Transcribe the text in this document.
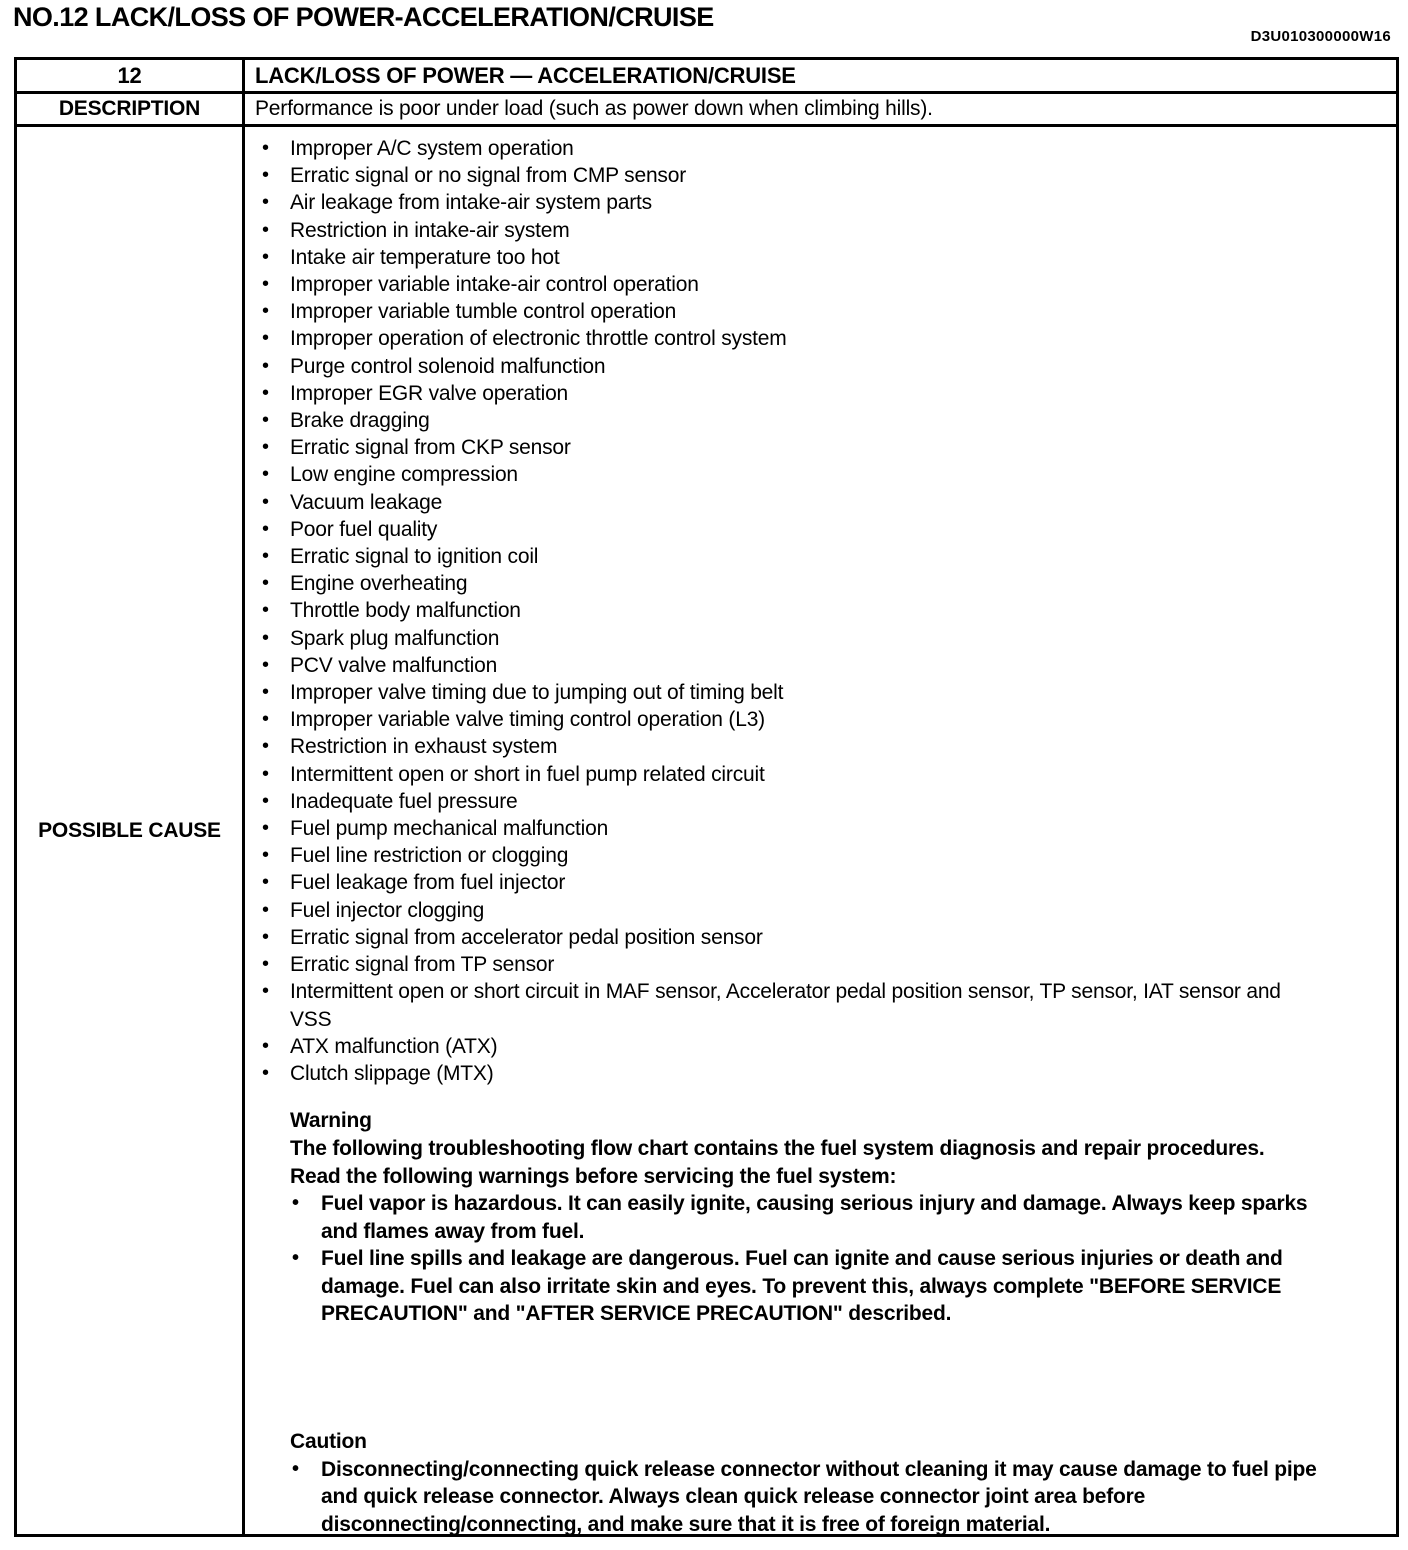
NO.12 LACK/LOSS OF POWER-ACCELERATION/CRUISE
D3U010300000W16
12	LACK/LOSS OF POWER — ACCELERATION/CRUISE
DESCRIPTION	Performance is poor under load (such as power down when climbing hills).
POSSIBLE CAUSE
•	Improper A/C system operation
•	Erratic signal or no signal from CMP sensor
•	Air leakage from intake-air system parts
•	Restriction in intake-air system
•	Intake air temperature too hot
•	Improper variable intake-air control operation
•	Improper variable tumble control operation
•	Improper operation of electronic throttle control system
•	Purge control solenoid malfunction
•	Improper EGR valve operation
•	Brake dragging
•	Erratic signal from CKP sensor
•	Low engine compression
•	Vacuum leakage
•	Poor fuel quality
•	Erratic signal to ignition coil
•	Engine overheating
•	Throttle body malfunction
•	Spark plug malfunction
•	PCV valve malfunction
•	Improper valve timing due to jumping out of timing belt
•	Improper variable valve timing control operation (L3)
•	Restriction in exhaust system
•	Intermittent open or short in fuel pump related circuit
•	Inadequate fuel pressure
•	Fuel pump mechanical malfunction
•	Fuel line restriction or clogging
•	Fuel leakage from fuel injector
•	Fuel injector clogging
•	Erratic signal from accelerator pedal position sensor
•	Erratic signal from TP sensor
•	Intermittent open or short circuit in MAF sensor, Accelerator pedal position sensor, TP sensor, IAT sensor and VSS
•	ATX malfunction (ATX)
•	Clutch slippage (MTX)
Warning
The following troubleshooting flow chart contains the fuel system diagnosis and repair procedures. Read the following warnings before servicing the fuel system:
•	Fuel vapor is hazardous. It can easily ignite, causing serious injury and damage. Always keep sparks and flames away from fuel.
•	Fuel line spills and leakage are dangerous. Fuel can ignite and cause serious injuries or death and damage. Fuel can also irritate skin and eyes. To prevent this, always complete "BEFORE SERVICE PRECAUTION" and "AFTER SERVICE PRECAUTION" described.
Caution
•	Disconnecting/connecting quick release connector without cleaning it may cause damage to fuel pipe and quick release connector. Always clean quick release connector joint area before disconnecting/connecting, and make sure that it is free of foreign material.
